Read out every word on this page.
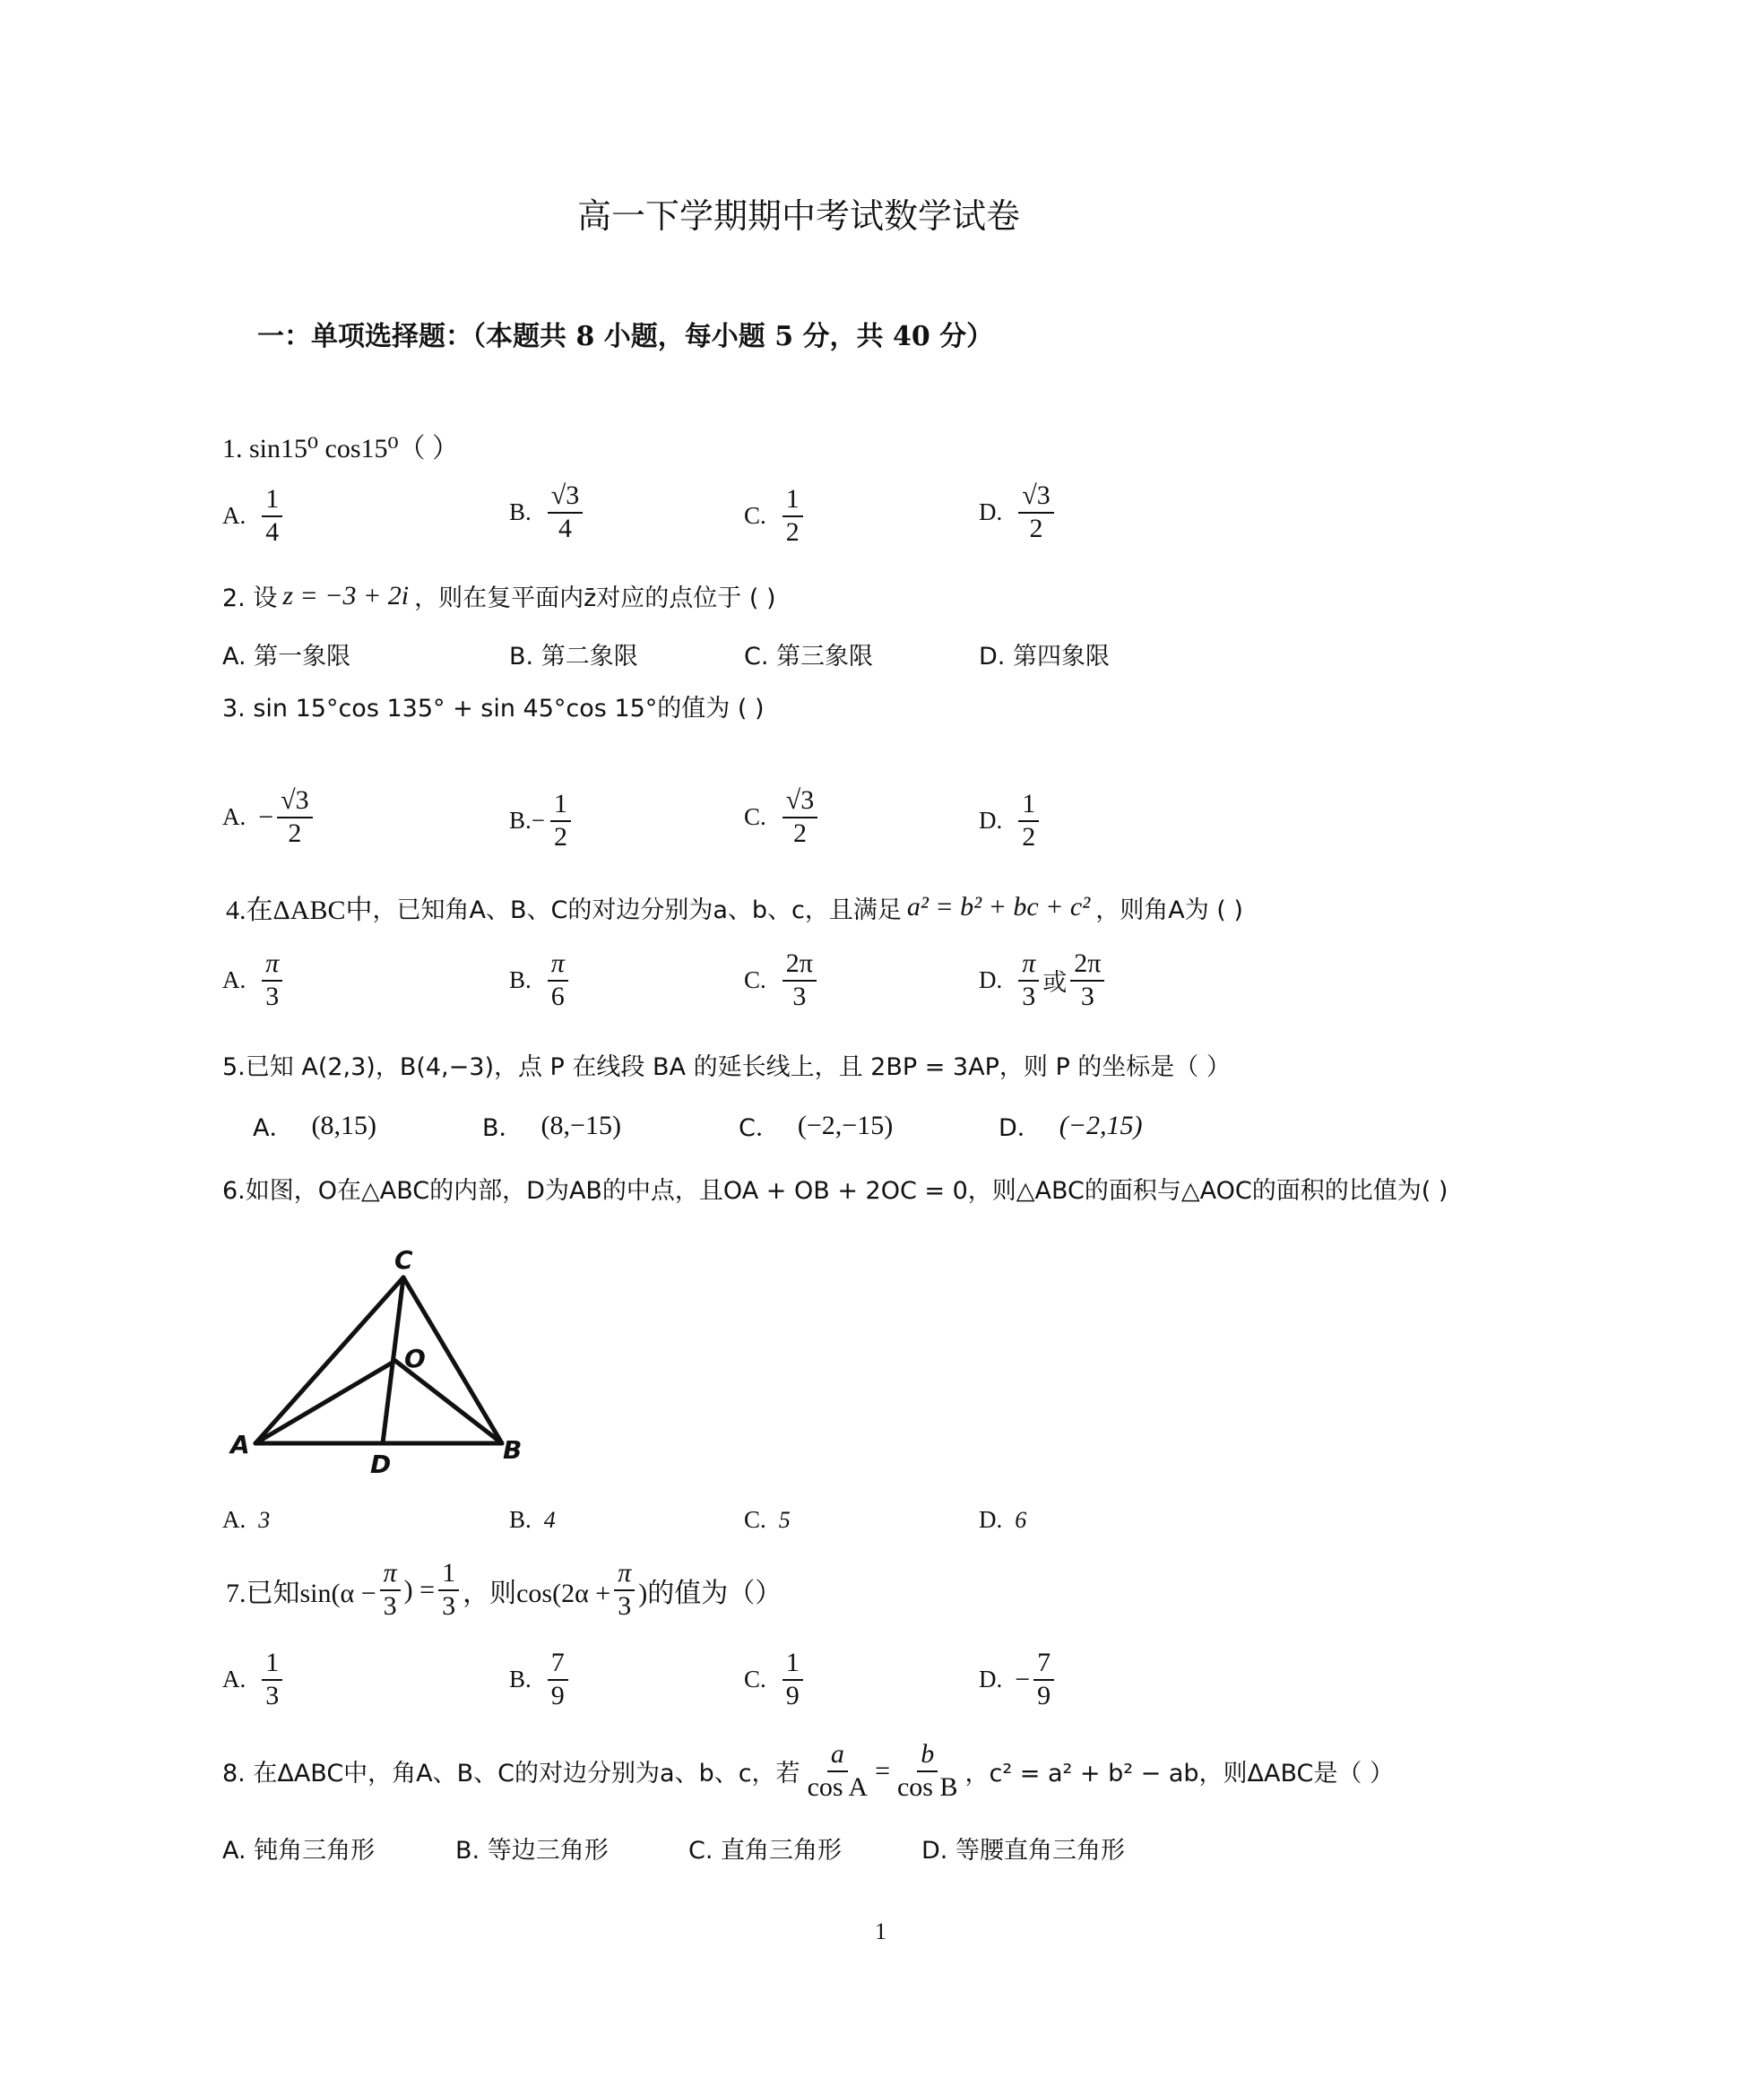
高一下学期期中考试数学试卷
一：单项选择题：（本题共 8 小题，每小题 5 分，共 40 分）
1. sin15⁰ cos15⁰（ ）
A. $\frac{1}{4}$	B. $\frac{√3}{4}$	C. $\frac{1}{2}$	D. $\frac{√3}{2}$
2. 设 z = −3 + 2i ，则在复平面内z̄对应的点位于 ( )
A. 第一象限	B. 第二象限	C. 第三象限	D. 第四象限
3. sin 15°cos 135° + sin 45°cos 15°的值为 ( )
A. − $\frac{√3}{2}$	$B.- \frac{1}{2}$	C. $\frac{√3}{2}$	D. $\frac{1}{2}$
4.在ΔABC中 ，已知角A、B、C的对边分别为a、b、c，且满足 a² = b² + bc + c² ，则角A为 ( )
A. $\frac{\pi}{3}$	B. $\frac{\pi}{6}$	C. $\frac{2\pi}{3}$	D. $\frac{\pi}{3}$ 或 $\frac{2\pi}{3}$
5.已知 A(2,3)，B(4,−3)，点 P 在线段 BA 的延长线上，且 2BP = 3AP，则 P 的坐标是（ ）
A． (8,15)	B． (8,−15)	C． (−2,−15)	D． (−2,15)
6.如图，O在△ABC的内部，D为AB的中点，且OA + OB + 2OC = 0，则△ABC的面积与△AOC的面积的比值为( )
C
O
A	B
D
A. 3	B. 4	C. 5	D. 6
7.已知$\sin(\alpha - \frac{\pi}{3}$ ) = $\frac{1}{3}$ ，则$\cos(2\alpha + \frac{\pi}{3}$ )的值为（）
A. $\frac{1}{3}$	B. $\frac{7}{9}$	C. $\frac{1}{9}$	D. − $\frac{7}{9}$
8. 在ΔABC中，角A、B、C的对边分别为a、b、c，若 $\frac{a}{\text{cos A}} = \frac{b}{\text{cos B}}$ ，c² = a² + b² − ab，则ΔABC是（ ）
A. 钝角三角形	B. 等边三角形	C. 直角三角形	D. 等腰直角三角形
1
